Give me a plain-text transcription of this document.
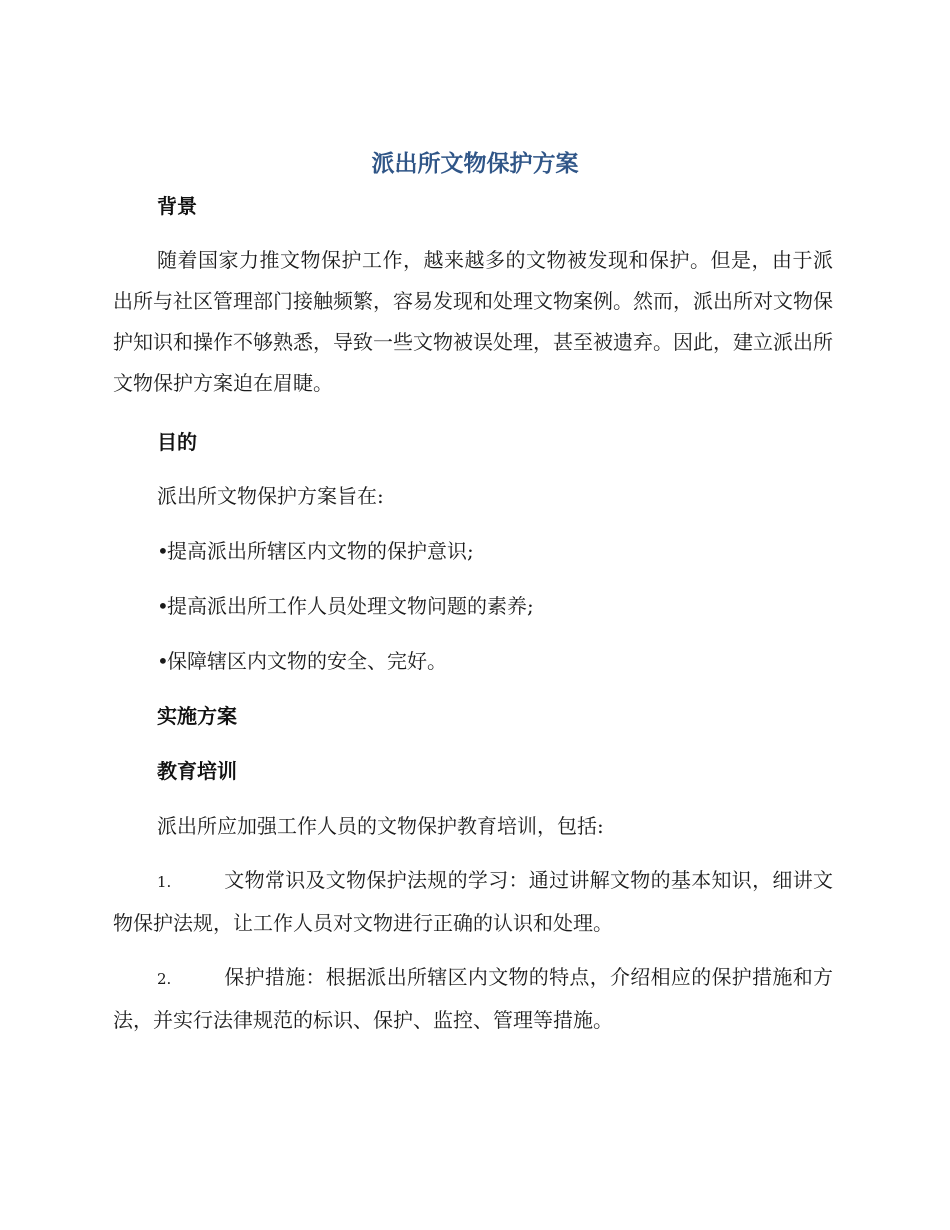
派出所文物保护方案
背景
随着国家力推文物保护工作，越来越多的文物被发现和保护。但是，由于派出所与社区管理部门接触频繁，容易发现和处理文物案例。然而，派出所对文物保护知识和操作不够熟悉，导致一些文物被误处理，甚至被遗弃。因此，建立派出所文物保护方案迫在眉睫。
目的
派出所文物保护方案旨在:
•提高派出所辖区内文物的保护意识;
•提高派出所工作人员处理文物问题的素养;
•保障辖区内文物的安全、完好。
实施方案
教育培训
派出所应加强工作人员的文物保护教育培训，包括:
1.	文物常识及文物保护法规的学习：通过讲解文物的基本知识，细讲文物保护法规，让工作人员对文物进行正确的认识和处理。
2.	保护措施：根据派出所辖区内文物的特点，介绍相应的保护措施和方法，并实行法律规范的标识、保护、监控、管理等措施。
